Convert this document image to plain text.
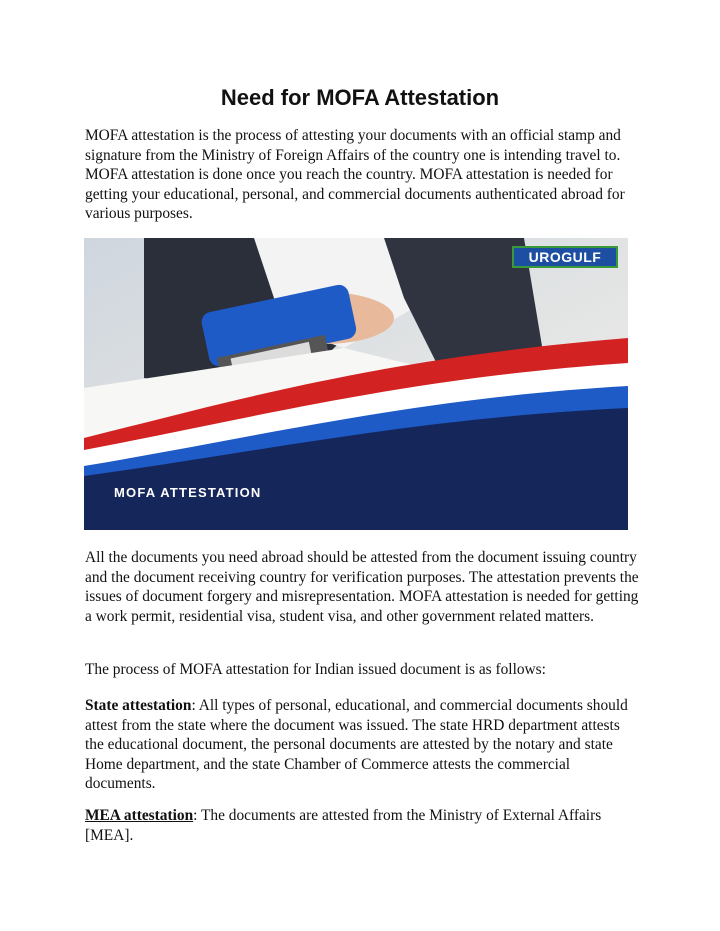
Need for MOFA Attestation

MOFA attestation is the process of attesting your documents with an official stamp and signature from the Ministry of Foreign Affairs of the country one is intending travel to. MOFA attestation is done once you reach the country. MOFA attestation is needed for getting your educational, personal, and commercial documents authenticated abroad for various purposes.

UROGULF
MOFA ATTESTATION

All the documents you need abroad should be attested from the document issuing country and the document receiving country for verification purposes. The attestation prevents the issues of document forgery and misrepresentation. MOFA attestation is needed for getting a work permit, residential visa, student visa, and other government related matters.

The process of MOFA attestation for Indian issued document is as follows:

State attestation: All types of personal, educational, and commercial documents should attest from the state where the document was issued. The state HRD department attests the educational document, the personal documents are attested by the notary and state Home department, and the state Chamber of Commerce attests the commercial documents.

MEA attestation: The documents are attested from the Ministry of External Affairs [MEA].
